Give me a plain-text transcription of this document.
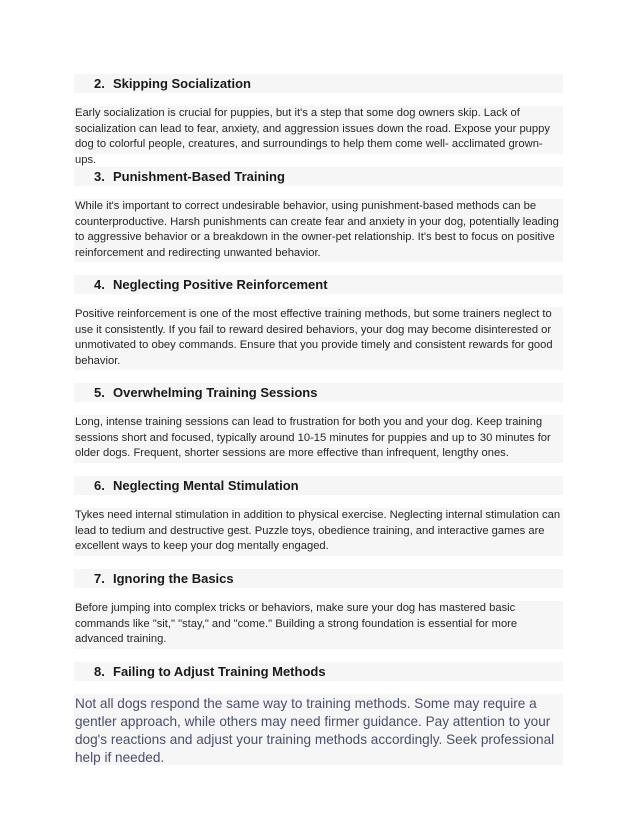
2. Skipping Socialization
Early socialization is crucial for puppies, but it's a step that some dog owners skip. Lack of socialization can lead to fear, anxiety, and aggression issues down the road. Expose your puppy dog to colorful people, creatures, and surroundings to help them come well- acclimated grown-ups.
3. Punishment-Based Training
While it's important to correct undesirable behavior, using punishment-based methods can be counterproductive. Harsh punishments can create fear and anxiety in your dog, potentially leading to aggressive behavior or a breakdown in the owner-pet relationship. It's best to focus on positive reinforcement and redirecting unwanted behavior.
4. Neglecting Positive Reinforcement
Positive reinforcement is one of the most effective training methods, but some trainers neglect to use it consistently. If you fail to reward desired behaviors, your dog may become disinterested or unmotivated to obey commands. Ensure that you provide timely and consistent rewards for good behavior.
5. Overwhelming Training Sessions
Long, intense training sessions can lead to frustration for both you and your dog. Keep training sessions short and focused, typically around 10-15 minutes for puppies and up to 30 minutes for older dogs. Frequent, shorter sessions are more effective than infrequent, lengthy ones.
6. Neglecting Mental Stimulation
Tykes need internal stimulation in addition to physical exercise. Neglecting internal stimulation can lead to tedium and destructive gest. Puzzle toys, obedience training, and interactive games are excellent ways to keep your dog mentally engaged.
7. Ignoring the Basics
Before jumping into complex tricks or behaviors, make sure your dog has mastered basic commands like "sit," "stay," and "come." Building a strong foundation is essential for more advanced training.
8. Failing to Adjust Training Methods
Not all dogs respond the same way to training methods. Some may require a gentler approach, while others may need firmer guidance. Pay attention to your dog's reactions and adjust your training methods accordingly. Seek professional help if needed.
